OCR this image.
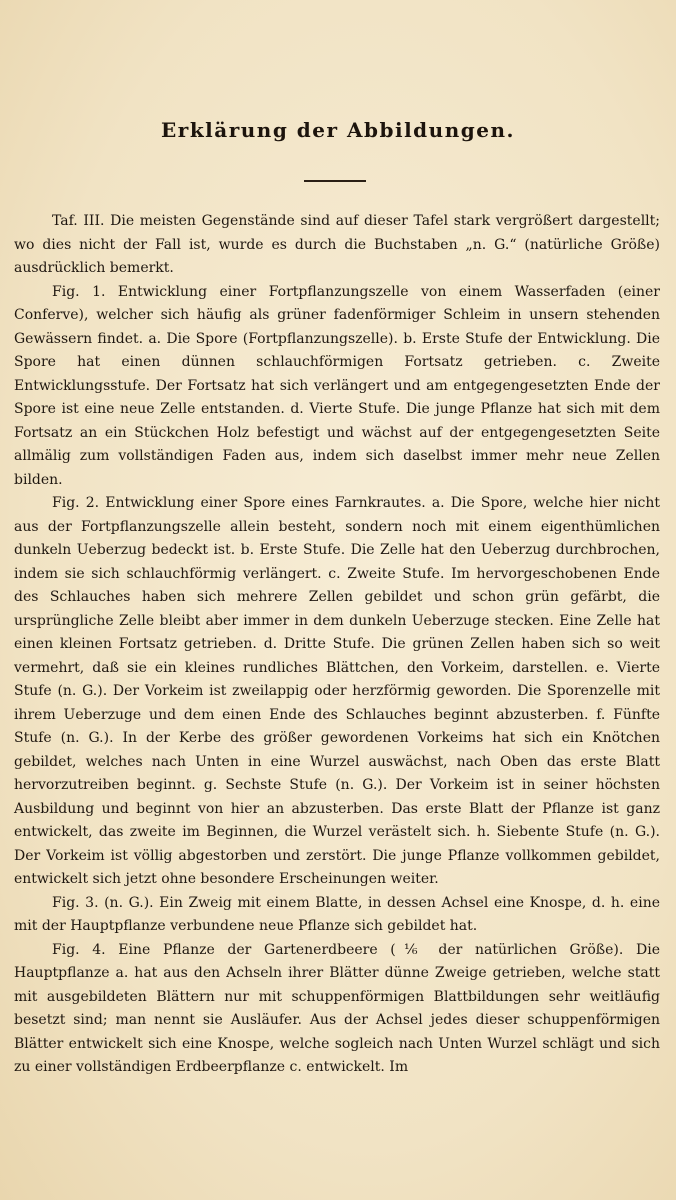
Erklärung der Abbildungen.

Taf. III. Die meisten Gegenstände sind auf dieser Tafel stark vergrößert dargestellt; wo dies nicht der Fall ist, wurde es durch die Buchstaben „n. G.“ (natürliche Größe) ausdrücklich bemerkt.

Fig. 1. Entwicklung einer Fortpflanzungszelle von einem Wasserfaden (einer Conferve), welcher sich häufig als grüner fadenförmiger Schleim in unsern stehenden Gewässern findet. a. Die Spore (Fortpflanzungszelle). b. Erste Stufe der Entwicklung. Die Spore hat einen dünnen schlauchförmigen Fortsatz getrieben. c. Zweite Entwicklungsstufe. Der Fortsatz hat sich verlängert und am entgegengesetzten Ende der Spore ist eine neue Zelle entstanden. d. Vierte Stufe. Die junge Pflanze hat sich mit dem Fortsatz an ein Stückchen Holz befestigt und wächst auf der entgegengesetzten Seite allmälig zum vollständigen Faden aus, indem sich daselbst immer mehr neue Zellen bilden.

Fig. 2. Entwicklung einer Spore eines Farnkrautes. a. Die Spore, welche hier nicht aus der Fortpflanzungszelle allein besteht, sondern noch mit einem eigenthümlichen dunkeln Ueberzug bedeckt ist. b. Erste Stufe. Die Zelle hat den Ueberzug durchbrochen, indem sie sich schlauchförmig verlängert. c. Zweite Stufe. Im hervorgeschobenen Ende des Schlauches haben sich mehrere Zellen gebildet und schon grün gefärbt, die ursprüngliche Zelle bleibt aber immer in dem dunkeln Ueberzuge stecken. Eine Zelle hat einen kleinen Fortsatz getrieben. d. Dritte Stufe. Die grünen Zellen haben sich so weit vermehrt, daß sie ein kleines rundliches Blättchen, den Vorkeim, darstellen. e. Vierte Stufe (n. G.). Der Vorkeim ist zweilappig oder herzförmig geworden. Die Sporenzelle mit ihrem Ueberzuge und dem einen Ende des Schlauches beginnt abzusterben. f. Fünfte Stufe (n. G.). In der Kerbe des größer gewordenen Vorkeims hat sich ein Knötchen gebildet, welches nach Unten in eine Wurzel auswächst, nach Oben das erste Blatt hervorzutreiben beginnt. g. Sechste Stufe (n. G.). Der Vorkeim ist in seiner höchsten Ausbildung und beginnt von hier an abzusterben. Das erste Blatt der Pflanze ist ganz entwickelt, das zweite im Beginnen, die Wurzel verästelt sich. h. Siebente Stufe (n. G.). Der Vorkeim ist völlig abgestorben und zerstört. Die junge Pflanze vollkommen gebildet, entwickelt sich jetzt ohne besondere Erscheinungen weiter.

Fig. 3. (n. G.). Ein Zweig mit einem Blatte, in dessen Achsel eine Knospe, d. h. eine mit der Hauptpflanze verbundene neue Pflanze sich gebildet hat.

Fig. 4. Eine Pflanze der Gartenerdbeere (⅙ der natürlichen Größe). Die Hauptpflanze a. hat aus den Achseln ihrer Blätter dünne Zweige getrieben, welche statt mit ausgebildeten Blättern nur mit schuppenförmigen Blattbildungen sehr weitläufig besetzt sind; man nennt sie Ausläufer. Aus der Achsel jedes dieser schuppenförmigen Blätter entwickelt sich eine Knospe, welche sogleich nach Unten Wurzel schlägt und sich zu einer vollständigen Erdbeerpflanze c. entwickelt. Im
